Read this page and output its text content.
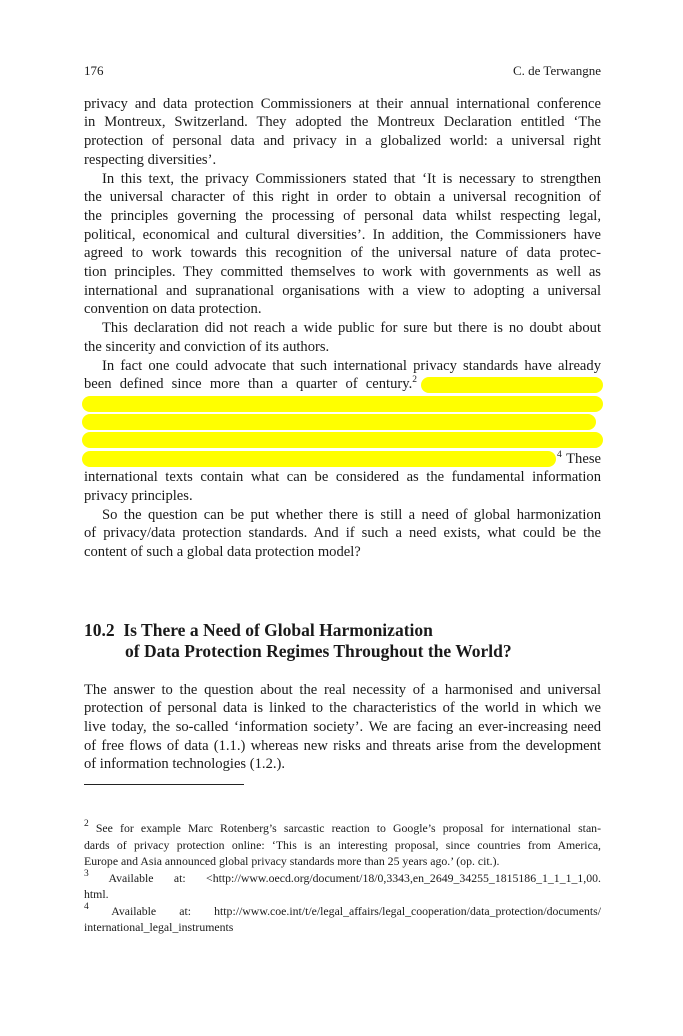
176	C. de Terwangne
privacy and data protection Commissioners at their annual international conference
in Montreux, Switzerland. They adopted the Montreux Declaration entitled ‘The
protection of personal data and privacy in a globalized world: a universal right
respecting diversities’.
In this text, the privacy Commissioners stated that ‘It is necessary to strengthen
the universal character of this right in order to obtain a universal recognition of
the principles governing the processing of personal data whilst respecting legal,
political, economical and cultural diversities’. In addition, the Commissioners have
agreed to work towards this recognition of the universal nature of data protec-
tion principles. They committed themselves to work with governments as well as
international and supranational organisations with a view to adopting a universal
convention on data protection.
This declaration did not reach a wide public for sure but there is no doubt about
the sincerity and conviction of its authors.
In fact one could advocate that such international privacy standards have already
been defined since more than a quarter of century.$^2$
$^4$ These
international texts contain what can be considered as the fundamental information
privacy principles.
So the question can be put whether there is still a need of global harmonization
of privacy/data protection standards. And if such a need exists, what could be the
content of such a global data protection model?
10.2 Is There a Need of Global Harmonization
of Data Protection Regimes Throughout the World?
The answer to the question about the real necessity of a harmonised and universal
protection of personal data is linked to the characteristics of the world in which we
live today, the so-called ‘information society’. We are facing an ever-increasing need
of free flows of data (1.1.) whereas new risks and threats arise from the development
of information technologies (1.2.).
$^2$ See for example Marc Rotenberg’s sarcastic reaction to Google’s proposal for international stan-
dards of privacy protection online: ‘This is an interesting proposal, since countries from America,
Europe and Asia announced global privacy standards more than 25 years ago.’ (op. cit.).
$^3$ Available at: <http://www.oecd.org/document/18/0,3343,en_2649_34255_1815186_1_1_1_1,00.
html.
$^4$ Available at: http://www.coe.int/t/e/legal_affairs/legal_cooperation/data_protection/documents/
international_legal_instruments
